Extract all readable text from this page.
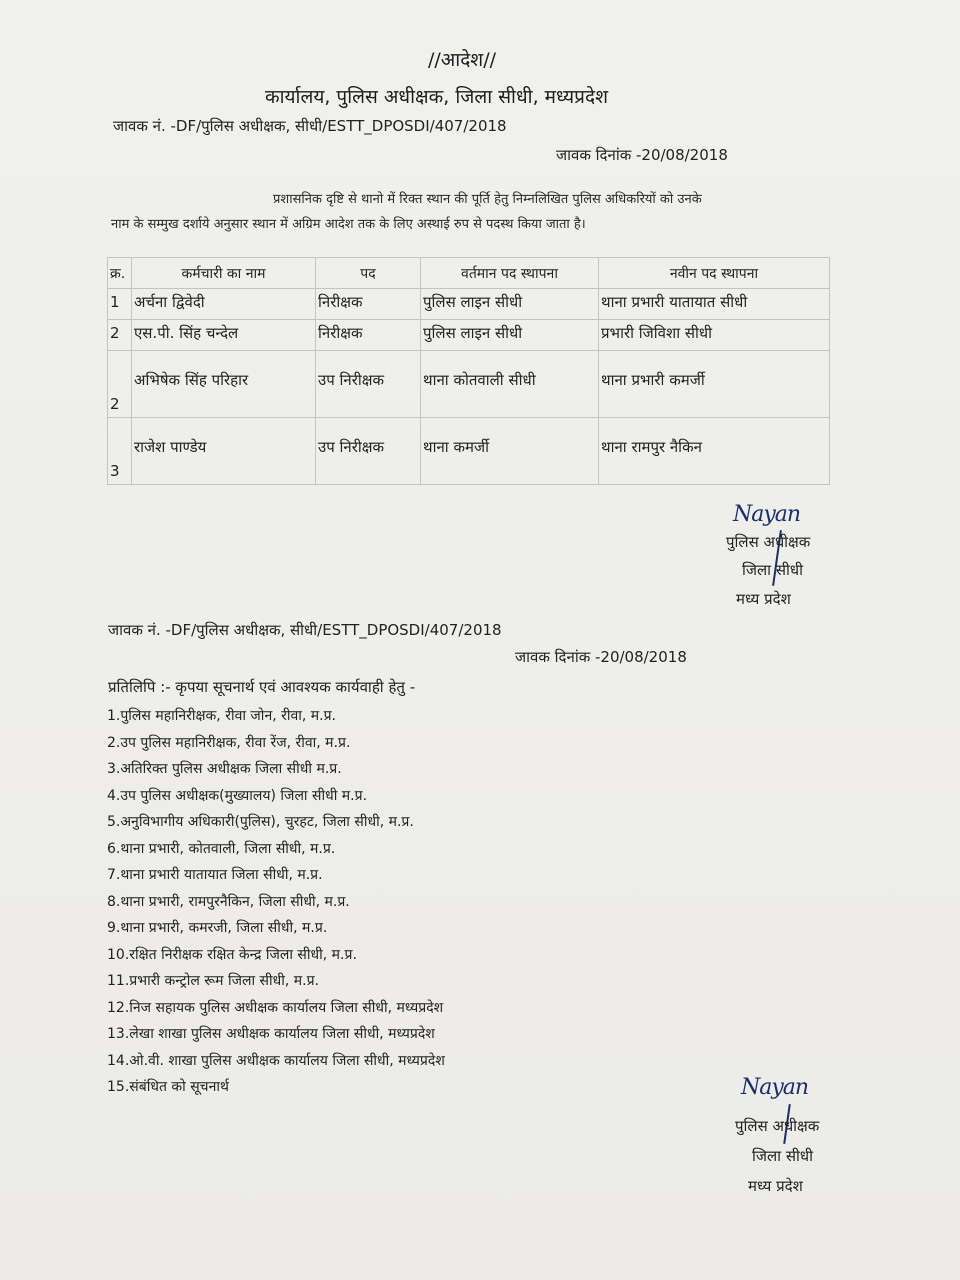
//आदेश//
कार्यालय, पुलिस अधीक्षक, जिला सीधी, मध्यप्रदेश
जावक नं. -DF/पुलिस अधीक्षक, सीधी/ESTT_DPOSDI/407/2018
जावक दिनांक -20/08/2018
प्रशासनिक दृष्टि से थानो में रिक्त स्थान की पूर्ति हेतु निम्नलिखित पुलिस अधिकरियों को उनके
नाम के सम्मुख दर्शाये अनुसार स्थान में अग्रिम आदेश तक के लिए अस्थाई रुप से पदस्थ किया जाता है।
क्र.	कर्मचारी का नाम	पद	वर्तमान पद स्थापना	नवीन पद स्थापना
1	अर्चना द्विवेदी	निरीक्षक	पुलिस लाइन सीधी	थाना प्रभारी यातायात सीधी
2	एस.पी. सिंह चन्देल	निरीक्षक	पुलिस लाइन सीधी	प्रभारी जिविशा सीधी

2	अभिषेक सिंह परिहार	उप निरीक्षक	थाना कोतवाली सीधी	थाना प्रभारी कमर्जी

3	राजेश पाण्डेय	उप निरीक्षक	थाना कमर्जी	थाना रामपुर नैकिन
Nayan
पुलिस अधीक्षक
जिला सीधी
मध्य प्रदेश
जावक नं. -DF/पुलिस अधीक्षक, सीधी/ESTT_DPOSDI/407/2018
जावक दिनांक -20/08/2018
प्रतिलिपि :- कृपया सूचनार्थ एवं आवश्यक कार्यवाही हेतु -
1.पुलिस महानिरीक्षक, रीवा जोन, रीवा, म.प्र.
2.उप पुलिस महानिरीक्षक, रीवा रेंज, रीवा, म.प्र.
3.अतिरिक्त पुलिस अधीक्षक जिला सीधी म.प्र.
4.उप पुलिस अधीक्षक(मुख्यालय) जिला सीधी म.प्र.
5.अनुविभागीय अधिकारी(पुलिस), चुरहट, जिला सीधी, म.प्र.
6.थाना प्रभारी, कोतवाली, जिला सीधी, म.प्र.
7.थाना प्रभारी यातायात जिला सीधी, म.प्र.
8.थाना प्रभारी, रामपुरनैकिन, जिला सीधी, म.प्र.
9.थाना प्रभारी, कमरजी, जिला सीधी, म.प्र.
10.रक्षित निरीक्षक रक्षित केन्द्र जिला सीधी, म.प्र.
11.प्रभारी कन्ट्रोल रूम जिला सीधी, म.प्र.
12.निज सहायक पुलिस अधीक्षक कार्यालय जिला सीधी, मध्यप्रदेश
13.लेखा शाखा पुलिस अधीक्षक कार्यालय जिला सीधी, मध्यप्रदेश
14.ओ.वी. शाखा पुलिस अधीक्षक कार्यालय जिला सीधी, मध्यप्रदेश
15.संबंधित को सूचनार्थ	Nayan
पुलिस अधीक्षक
जिला सीधी
मध्य प्रदेश
